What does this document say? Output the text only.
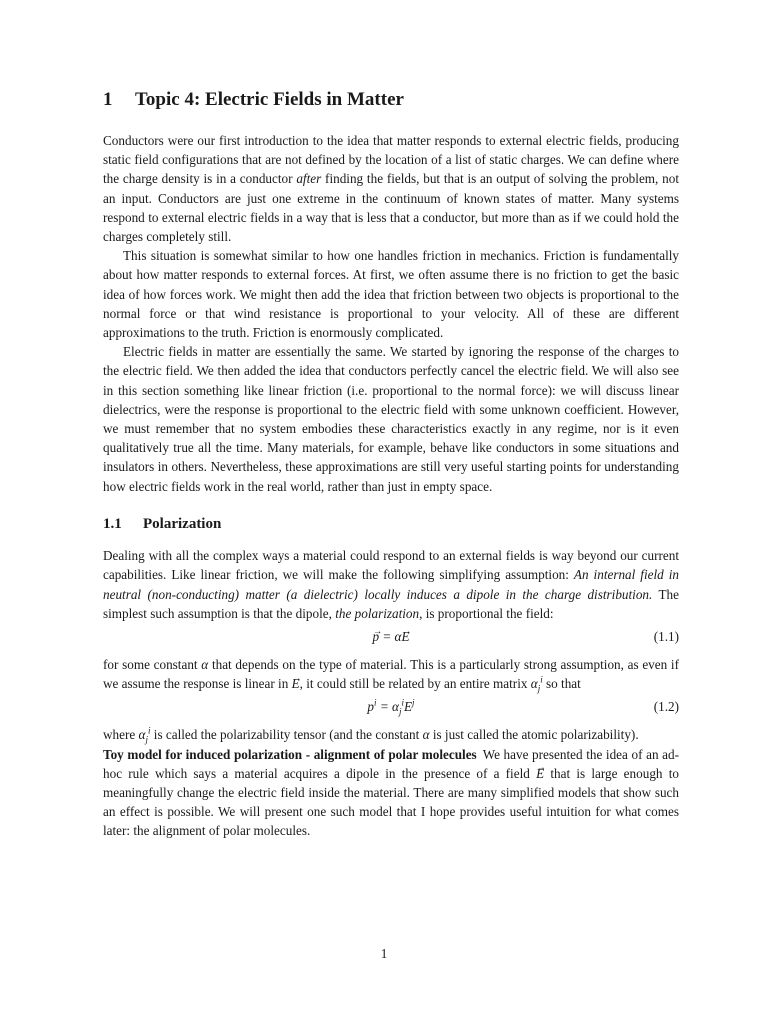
1 Topic 4: Electric Fields in Matter

Conductors were our first introduction to the idea that matter responds to external electric fields, producing static field configurations that are not defined by the location of a list of static charges. We can define where the charge density is in a conductor after finding the fields, but that is an output of solving the problem, not an input. Conductors are just one extreme in the continuum of known states of matter. Many systems respond to external electric fields in a way that is less that a conductor, but more than as if we could hold the charges completely still.

This situation is somewhat similar to how one handles friction in mechanics. Friction is fundamentally about how matter responds to external forces. At first, we often assume there is no friction to get the basic idea of how forces work. We might then add the idea that friction between two objects is proportional to the normal force or that wind resistance is proportional to your velocity. All of these are different approximations to the truth. Friction is enormously complicated.

Electric fields in matter are essentially the same. We started by ignoring the response of the charges to the electric field. We then added the idea that conductors perfectly cancel the electric field. We will also see in this section something like linear friction (i.e. proportional to the normal force): we will discuss linear dielectrics, were the response is proportional to the electric field with some unknown coefficient. However, we must remember that no system embodies these characteristics exactly in any regime, nor is it even qualitatively true all the time. Many materials, for example, behave like conductors in some situations and insulators in others. Nevertheless, these approximations are still very useful starting points for understanding how electric fields work in the real world, rather than just in empty space.

1.1 Polarization

Dealing with all the complex ways a material could respond to an external fields is way beyond our current capabilities. Like linear friction, we will make the following simplifying assumption: An internal field in neutral (non-conducting) matter (a dielectric) locally induces a dipole in the charge distribution. The simplest such assumption is that the dipole, the polarization, is proportional the field:

→ p = α→ E	(1.1)

for some constant α that depends on the type of material. This is a particularly strong assumption, as even if we assume the response is linear in → E, it could still be related by an entire matrix $\alpha_j^i$ so that

$p^i = \alpha_j^iE^j$	(1.2)

where $\alpha_j^i$ is called the polarizability tensor (and the constant α is just called the atomic polarizability).

Toy model for induced polarization - alignment of polar molecules We have presented the idea of an ad-hoc rule which says a material acquires a dipole in the presence of a field → E that is large enough to meaningfully change the electric field inside the material. There are many simplified models that show such an effect is possible. We will present one such model that I hope provides useful intuition for what comes later: the alignment of polar molecules.

1
